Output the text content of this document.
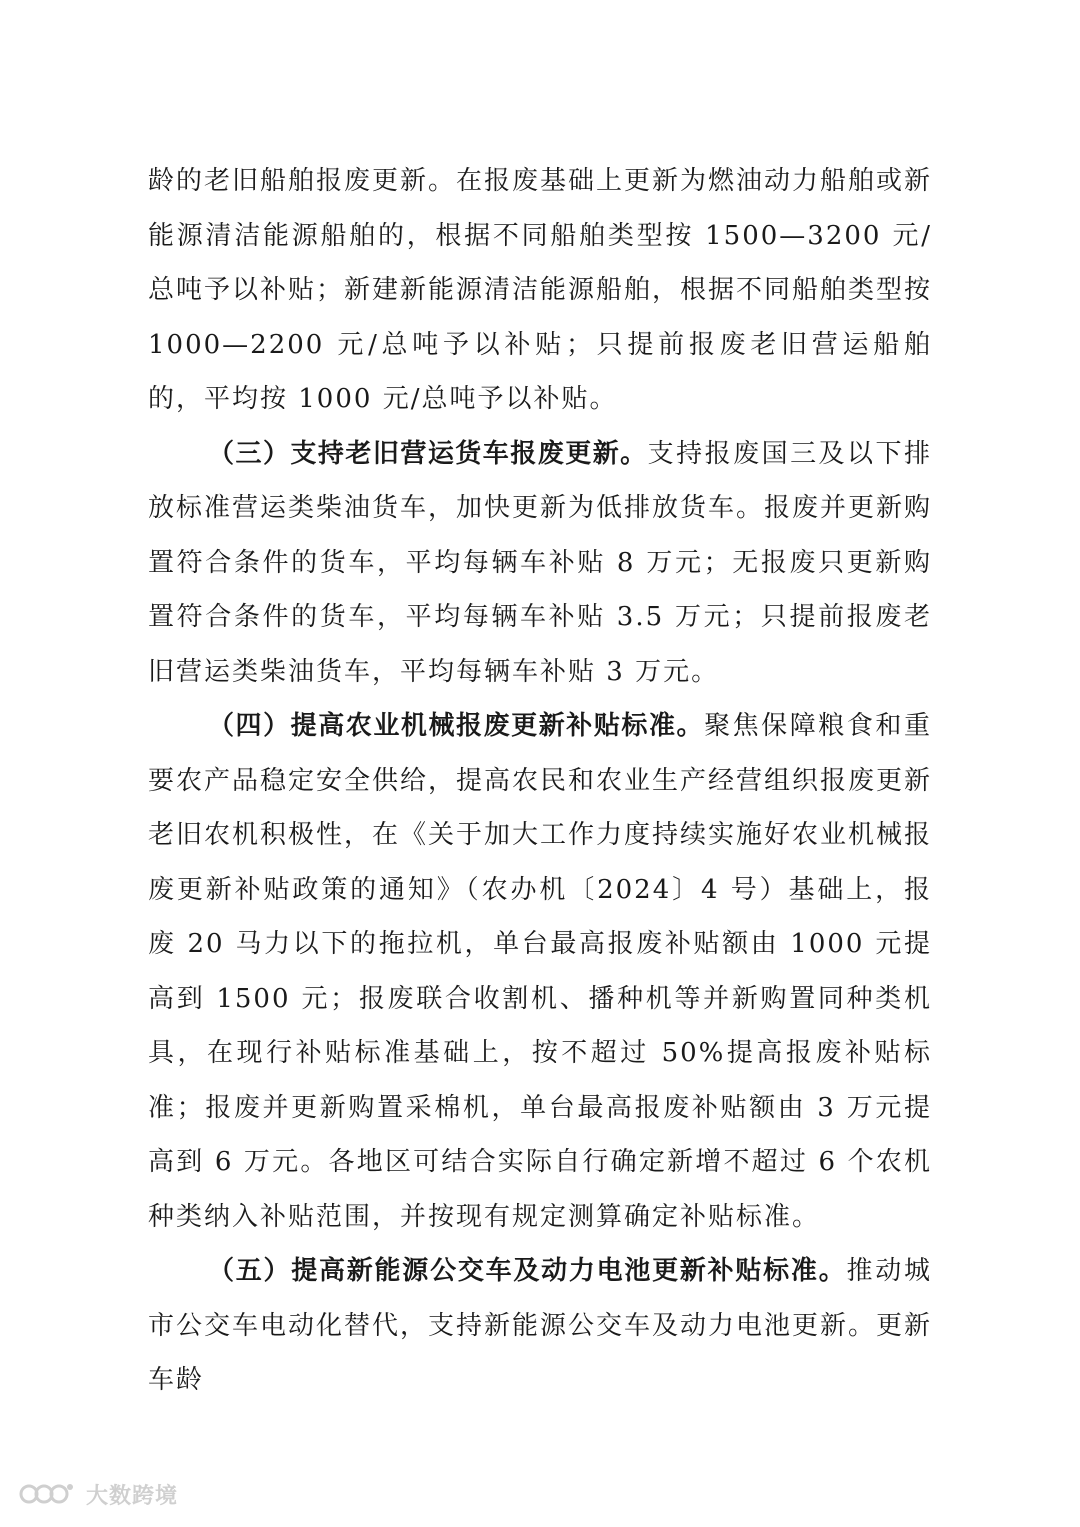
龄的老旧船舶报废更新。在报废基础上更新为燃油动力船舶或新能源清洁能源船舶的，根据不同船舶类型按 1500—3200 元/总吨予以补贴；新建新能源清洁能源船舶，根据不同船舶类型按 1000—2200 元/总吨予以补贴；只提前报废老旧营运船舶的，平均按 1000 元/总吨予以补贴。

（三）支持老旧营运货车报废更新。支持报废国三及以下排放标准营运类柴油货车，加快更新为低排放货车。报废并更新购置符合条件的货车，平均每辆车补贴 8 万元；无报废只更新购置符合条件的货车，平均每辆车补贴 3.5 万元；只提前报废老旧营运类柴油货车，平均每辆车补贴 3 万元。

（四）提高农业机械报废更新补贴标准。聚焦保障粮食和重要农产品稳定安全供给，提高农民和农业生产经营组织报废更新老旧农机积极性，在《关于加大工作力度持续实施好农业机械报废更新补贴政策的通知》（农办机〔2024〕4 号）基础上，报废 20 马力以下的拖拉机，单台最高报废补贴额由 1000 元提高到 1500 元；报废联合收割机、播种机等并新购置同种类机具，在现行补贴标准基础上，按不超过 50%提高报废补贴标准；报废并更新购置采棉机，单台最高报废补贴额由 3 万元提高到 6 万元。各地区可结合实际自行确定新增不超过 6 个农机种类纳入补贴范围，并按现有规定测算确定补贴标准。

（五）提高新能源公交车及动力电池更新补贴标准。推动城市公交车电动化替代，支持新能源公交车及动力电池更新。更新车龄

大数跨境
